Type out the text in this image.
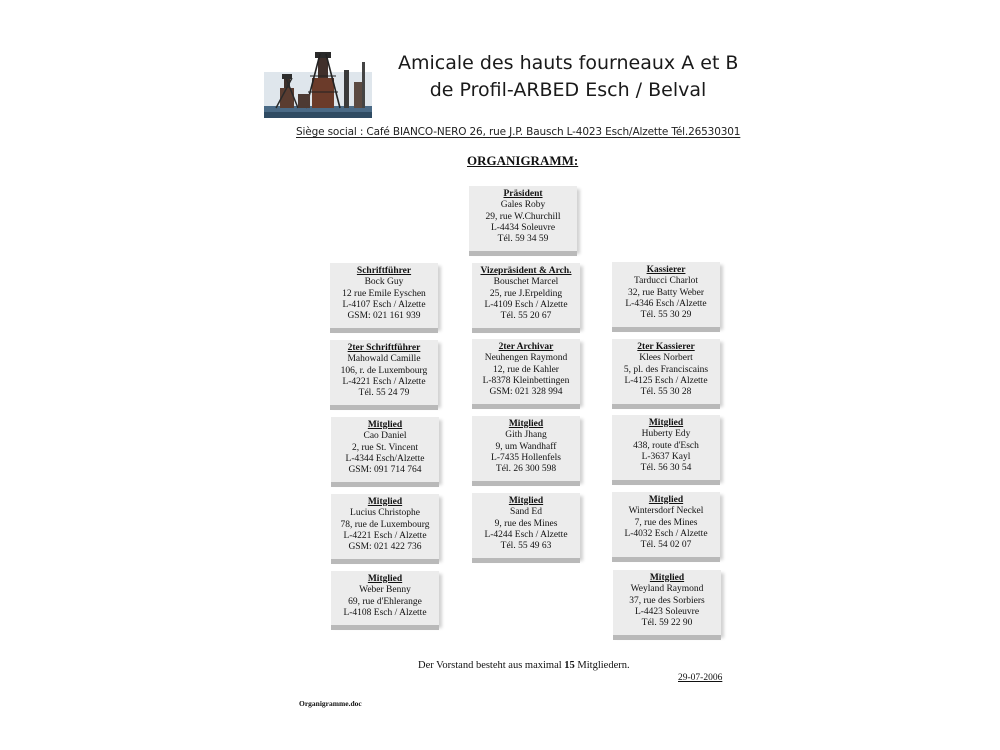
Amicale des hauts fourneaux A et B
de Profil-ARBED Esch / Belval
Siège social : Café BIANCO-NERO 26, rue J.P. Bausch L-4023 Esch/Alzette Tél.26530301
ORGANIGRAMM:
Präsident
Gales Roby
29, rue W.Churchill
L-4434 Soleuvre
Tél. 59 34 59
Schriftführer
Bock Guy
12 rue Emile Eyschen
L-4107 Esch / Alzette
GSM: 021 161 939
Vizepräsident & Arch.
Bouschet Marcel
25, rue J.Erpelding
L-4109 Esch / Alzette
Tél. 55 20 67
Kassierer
Tarducci Charlot
32, rue Batty Weber
L-4346 Esch /Alzette
Tél. 55 30 29
2ter Schriftführer
Mahowald Camille
106, r. de Luxembourg
L-4221 Esch / Alzette
Tél. 55 24 79
2ter Archivar
Neuhengen Raymond
12, rue de Kahler
L-8378 Kleinbettingen
GSM: 021 328 994
2ter Kassierer
Klees Norbert
5, pl. des Franciscains
L-4125 Esch / Alzette
Tél. 55 30 28
Mitglied
Cao Daniel
2, rue St. Vincent
L-4344 Esch/Alzette
GSM: 091 714 764
Mitglied
Gith Jhang
9, um Wandhaff
L-7435 Hollenfels
Tél. 26 300 598
Mitglied
Huberty Edy
438, route d'Esch
L-3637 Kayl
Tél. 56 30 54
Mitglied
Lucius Christophe
78, rue de Luxembourg
L-4221 Esch / Alzette
GSM: 021 422 736
Mitglied
Sand Ed
9, rue des Mines
L-4244 Esch / Alzette
Tél. 55 49 63
Mitglied
Wintersdorf Neckel
7, rue des Mines
L-4032 Esch / Alzette
Tél. 54 02 07
Mitglied
Weber Benny
69, rue d'Ehlerange
L-4108 Esch / Alzette
Mitglied
Weyland Raymond
37, rue des Sorbiers
L-4423 Soleuvre
Tél. 59 22 90
Der Vorstand besteht aus maximal 15 Mitgliedern.
29-07-2006
Organigramme.doc
